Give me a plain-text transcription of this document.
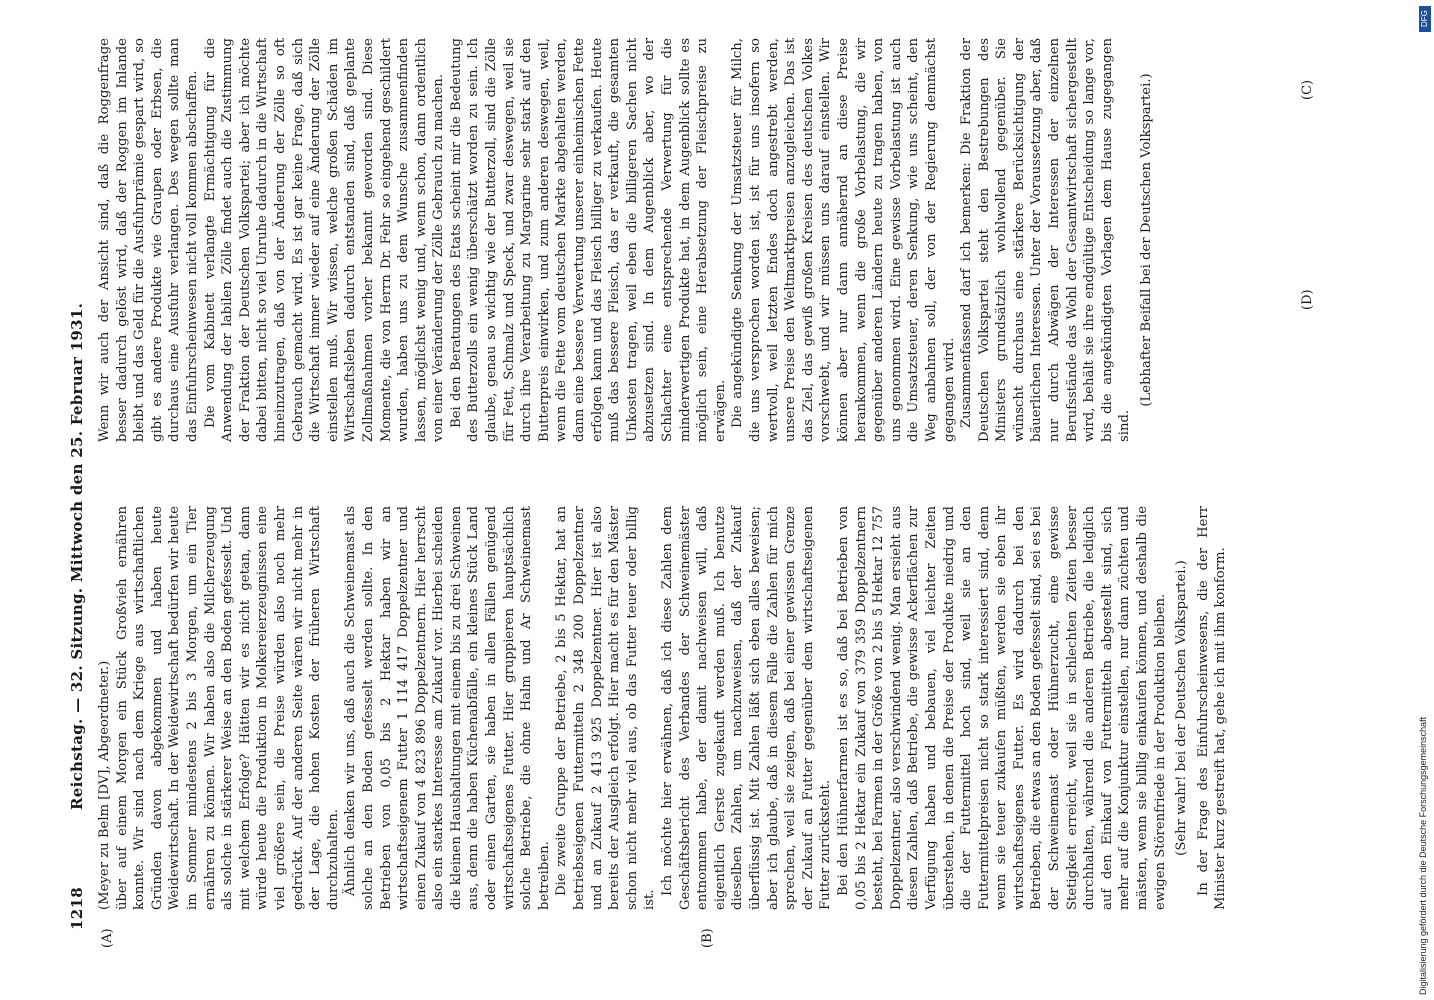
1218
Reichstag. — 32. Sitzung. Mittwoch den 25. Februar 1931. (Meyer zu Belm [DV], Abgeordneter.) über auf einem Morgen ein Stück Großvieh ernähren konnte. Wir sind nach dem Kriege aus wirtschaftlichen Gründen davon abgekommen und haben heute Weidewirtschaft. In der Weidewirtschaft bedürfen wir heute im Sommer mindestens 2 bis 3 Morgen, um ein Tier ernähren zu können. Wir haben also die Milcherzeugung als solche in stärkerer Weise an den Boden gefesselt. Und mit welchem Erfolge? Hätten wir es nicht getan, dann würde heute die Produktion in Molkereierzeugnissen eine viel größere sein, die Preise würden also noch mehr gedrückt. Auf der anderen Seite wären wir nicht mehr in der Lage, die hohen Kosten der früheren Wirtschaft durchzuhalten. Ähnlich denken wir uns, daß auch die Schweinemast als solche an den Boden gefesselt werden sollte. In den Betrieben von 0,05 bis 2 Hektar haben wir an wirtschaftseigenem Futter 1 114 417 Doppelzentner und einen Zukauf von 4 823 896 Doppelzentnern. Hier herrscht also ein starkes Interesse am Zukauf vor. Hierbei scheiden die kleinen Haushaltungen mit einem bis zu drei Schweinen aus, denn die haben Küchenabfälle, ein kleines Stück Land oder einen Garten, sie haben in allen Fällen genügend wirtschaftseigenes Futter. Hier gruppieren hauptsächlich solche Betriebe, die ohne Halm und Ar Schweinemast betreiben. Die zweite Gruppe der Betriebe, 2 bis 5 Hektar, hat an betriebseigenen Futtermitteln 2 348 200 Doppelzentner und an Zukauf 2 413 925 Doppelzentner. Hier ist also bereits der Ausgleich erfolgt. Hier macht es für den Mäster schon nicht mehr viel aus, ob das Futter teuer oder billig ist.

Ich möchte hier erwähnen, daß ich diese Zahlen dem Geschäftsbericht des Verbandes der Schweinemäster entnommen habe, der damit nachweisen will, daß eigentlich Gerste zugekauft werden muß. Ich benutze dieselben Zahlen, um nachzuweisen, daß der Zukauf überflüssig ist. Mit Zahlen läßt sich eben alles beweisen; aber ich glaube, daß in diesem Falle die Zahlen für mich sprechen, weil sie zeigen, daß bei einer gewissen Grenze der Zukauf an Futter gegenüber dem wirtschaftseigenen Futter zurücksteht. Bei den Hühnerfarmen ist es so, daß bei Betrieben von 0,05 bis 2 Hektar ein Zukauf von 379 359 Doppelzentnern besteht, bei Farmen in der Größe von 2 bis 5 Hektar 12 757 Doppelzentner, also verschwindend wenig. Man ersieht aus diesen Zahlen, daß Betriebe, die gewisse Ackerflächen zur Verfügung haben und bebauen, viel leichter Zeiten überstehen, in denen die Preise der Produkte niedrig und die der Futtermittel hoch sind, weil sie an den Futtermittelpreisen nicht so stark interessiert sind, denn wenn sie teuer zukaufen müßten, werden sie eben ihr wirtschaftseigenes Futter. Es wird dadurch bei den Betrieben, die etwas an den Boden gefesselt sind, sei es bei der Schweinemast oder Hühnerzucht, eine gewisse Stetigkeit erreicht, weil sie in schlechten Zeiten besser durchhalten, während die anderen Betriebe, die lediglich auf den Einkauf von Futtermitteln abgestellt sind, sich mehr auf die Konjunktur einstellen, nur dann züchten und mästen, wenn sie billig einkaufen können, und deshalb die ewigen Störenfriede in der Produktion bleiben. (Sehr wahr! bei der Deutschen Volkspartei.) In der Frage des Einfuhrscheinwesens, die der Herr Minister kurz gestreift hat, gehe ich mit ihm konform.

Wenn wir auch der Ansicht sind, daß die Roggenfrage besser dadurch gelöst wird, daß der Roggen im Inlande bleibt und das Geld für die Ausfuhrprämie gespart wird, so gibt es andere Produkte wie Graupen oder Erbsen, die durchaus eine Ausfuhr verlangen. Des wegen sollte man das Einfuhrscheinwesen nicht voll kommen abschaffen. Die vom Kabinett verlangte Ermächtigung für die Anwendung der labilen Zölle findet auch die Zustimmung der Fraktion der Deutschen Volkspartei; aber ich möchte dabei bitten, nicht so viel Unruhe dadurch in die Wirtschaft hineinzutragen, daß von der Änderung der Zölle so oft Gebrauch gemacht wird. Es ist gar keine Frage, daß sich die Wirtschaft immer wieder auf eine Änderung der Zölle einstellen muß. Wir wissen, welche großen Schäden im Wirtschaftsleben dadurch entstanden sind, daß geplante Zollmaßnahmen vorher bekannt geworden sind. Diese Momente, die von Herrn Dr. Fehr so eingehend geschildert wurden, haben uns zu dem Wunsche zusammenfinden lassen, möglichst wenig und, wenn schon, dann ordentlich von einer Veränderung der Zölle Gebrauch zu machen. Bei den Beratungen des Etats scheint mir die Bedeutung des Butterzolls ein wenig überschätzt worden zu sein. Ich glaube, genau so wichtig wie der Butterzoll, sind die Zölle für Fett, Schmalz und Speck, und zwar deswegen, weil sie durch ihre Verarbeitung zu Margarine sehr stark auf den Butterpreis einwirken, und zum anderen deswegen, weil, wenn die Fette vom deutschen Markte abgehalten werden, dann eine bessere Verwertung unserer einheimischen Fette erfolgen kann und das Fleisch billiger zu verkaufen. Heute muß das bessere Fleisch, das er verkauft, die gesamten Unkosten tragen, weil eben die billigeren Sachen nicht abzusetzen sind. In dem Augenblick aber, wo der Schlachter eine entsprechende Verwertung für die minderwertigen Produkte hat, in dem Augenblick sollte es möglich sein, eine Herabsetzung der Fleischpreise zu erwägen. Die angekündigte Senkung der Umsatzsteuer für Milch, die uns versprochen worden ist, ist für uns insofern so wertvoll, weil letzten Endes doch angestrebt werden, unsere Preise den Weltmarktpreisen anzugleichen. Das ist das Ziel, das gewiß großen Kreisen des deutschen Volkes vorschwebt, und wir müssen uns darauf einstellen. Wir können aber nur dann annähernd an diese Preise herankommen, wenn die große Vorbelastung, die wir gegenüber anderen Ländern heute zu tragen haben, von uns genommen wird. Eine gewisse Vorbelastung ist auch die Umsatzsteuer, deren Senkung, wie uns scheint, den Weg anbahnen soll, der von der Regierung demnächst gegangen wird. Zusammenfassend darf ich bemerken: Die Fraktion der Deutschen Volkspartei steht den Bestrebungen des Ministers grundsätzlich wohlwollend gegenüber. Sie wünscht durchaus eine stärkere Berücksichtigung der bäuerlichen Interessen. Unter der Voraussetzung aber, daß nur durch Abwägen der Interessen der einzelnen Berufsstände das Wohl der Gesamtwirtschaft sichergestellt wird, behält sie ihre endgültige Entscheidung so lange vor, bis die angekündigten Vorlagen dem Hause zugegangen sind.

(Lebhafter Beifall bei der Deutschen Volkspartei.)

(A)	(B)
(C)
(D)
Digitalisierung gefördert durch die Deutsche Forschungsgemeinschaft
DFG
